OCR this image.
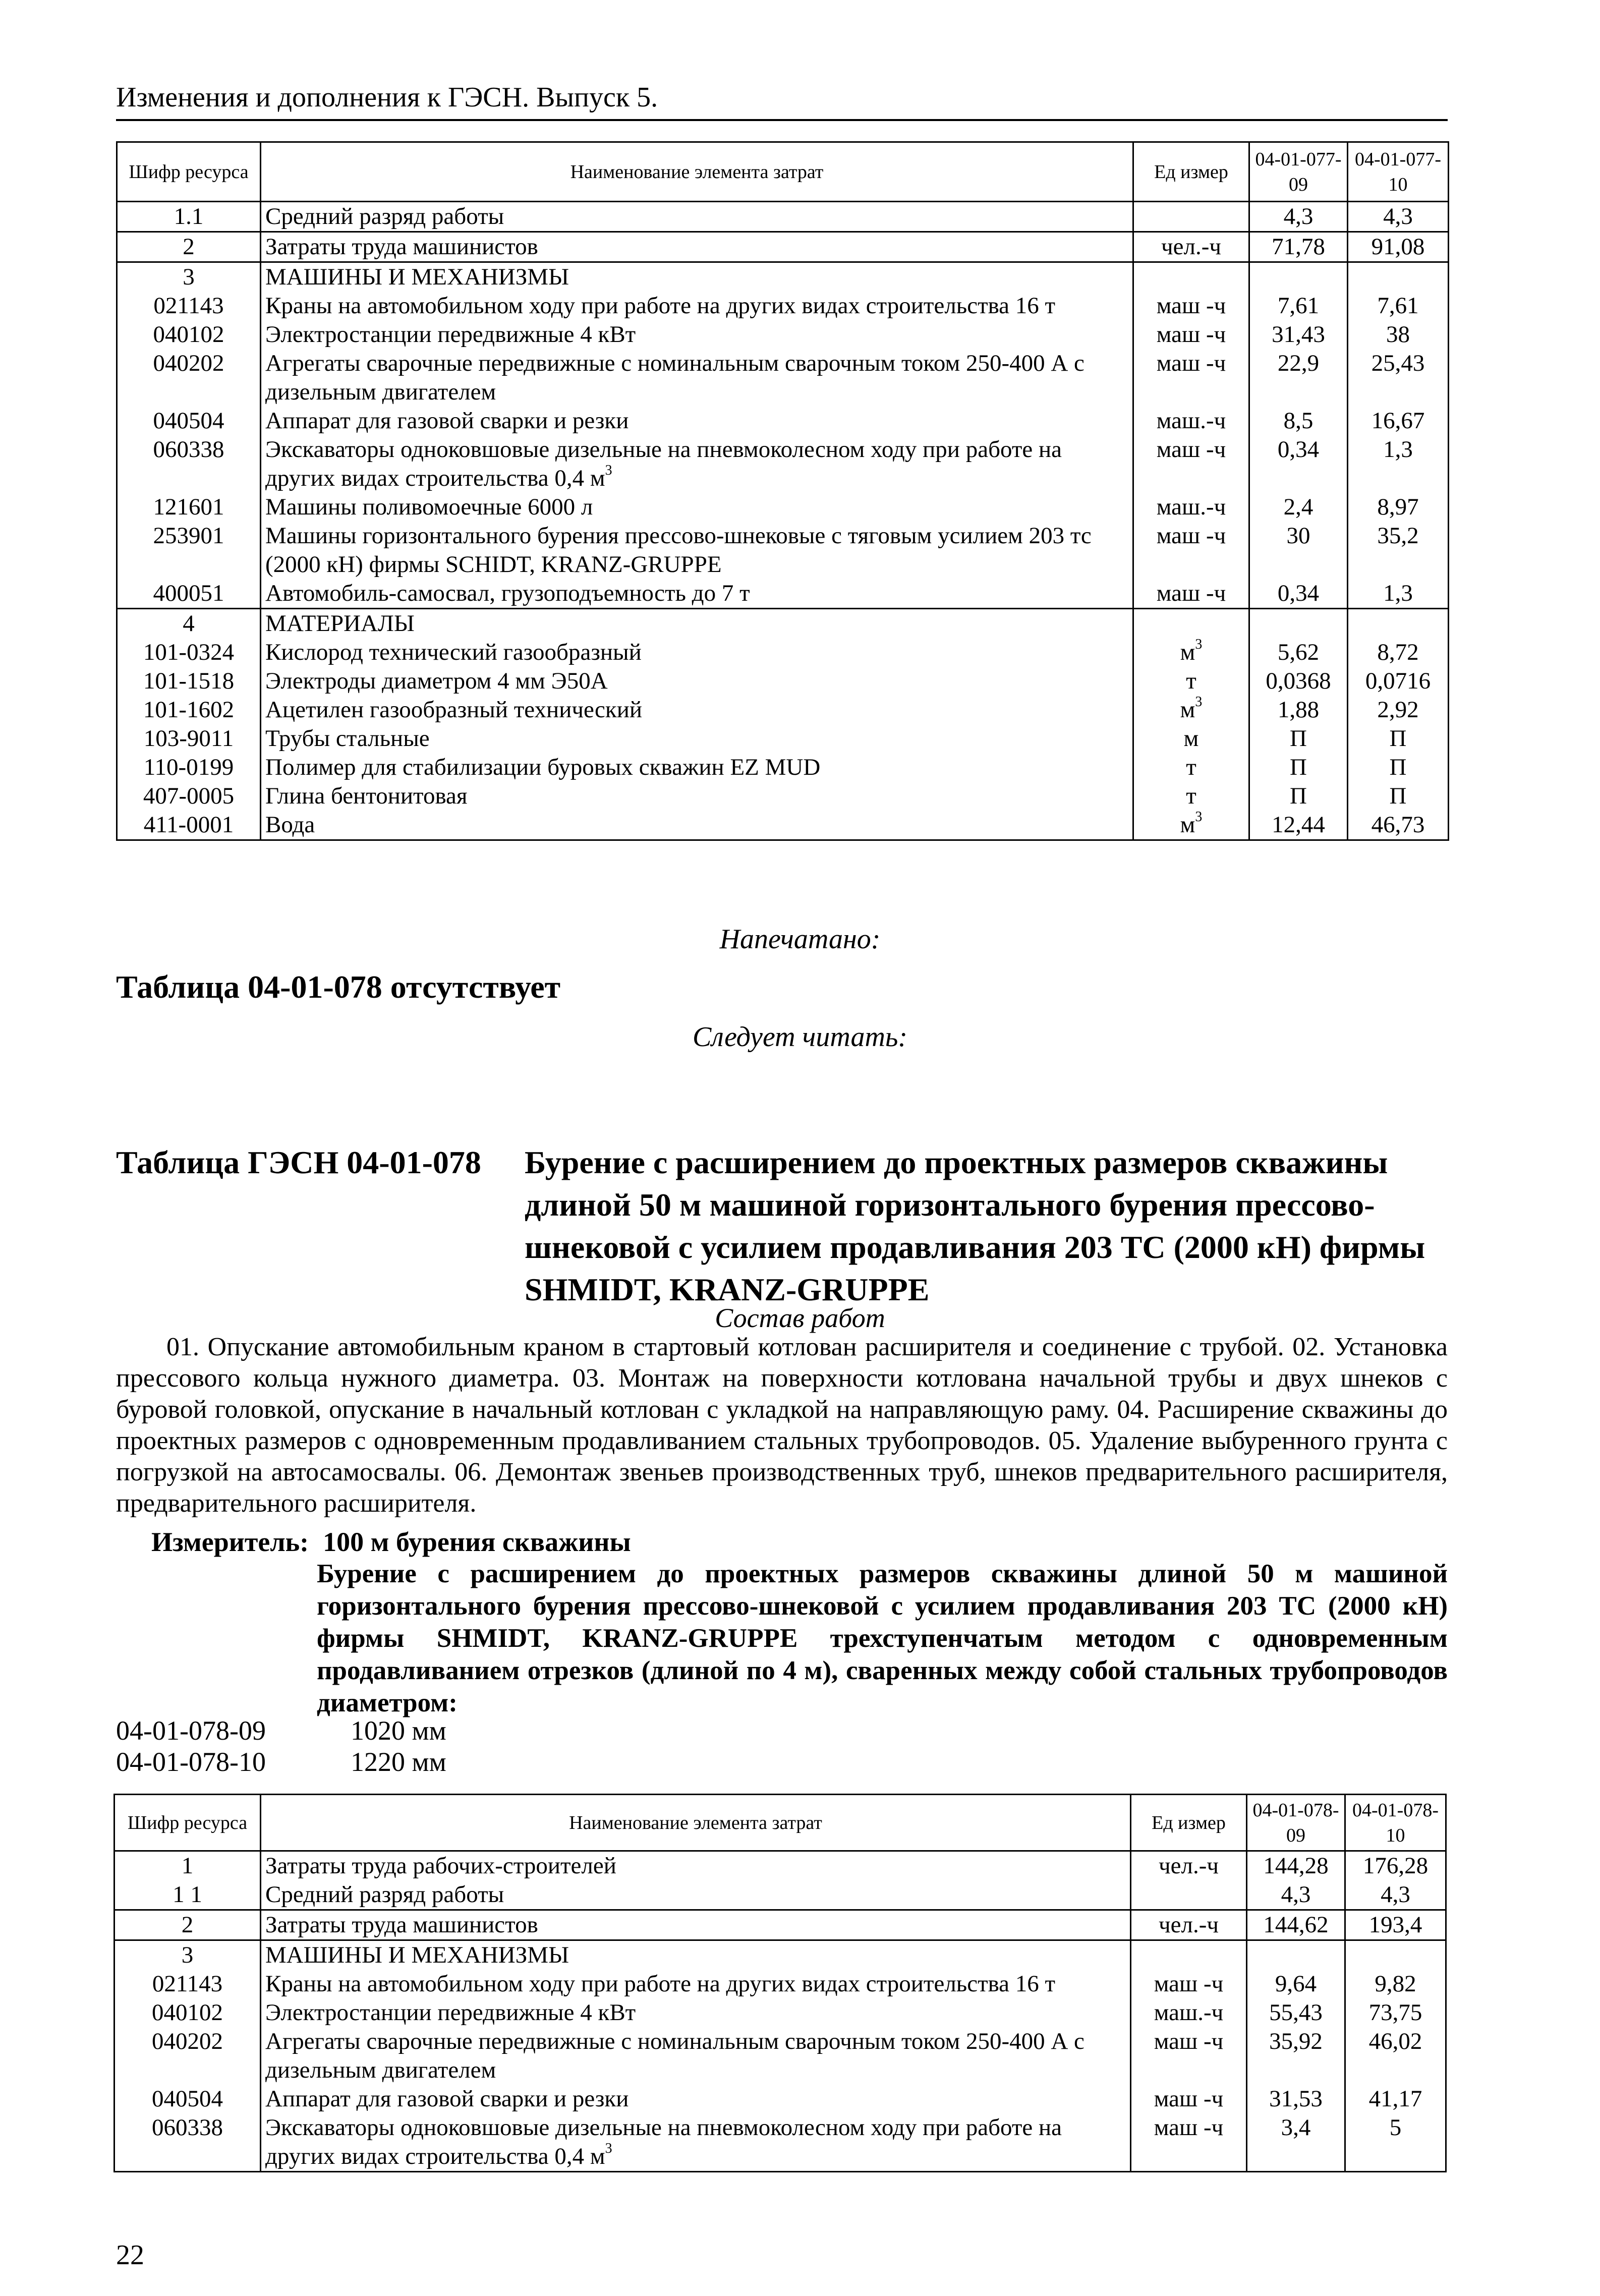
Изменения и дополнения к ГЭСН. Выпуск 5.
Шифр ресурса	Наименование элемента затрат	Ед измер	04-01-077-09	04-01-077-10
1.1	Средний разряд работы		4,3	4,3
2	Затраты труда машинистов	чел.-ч	71,78	91,08
3	МАШИНЫ И МЕХАНИЗМЫ			
021143	Краны на автомобильном ходу при работе на других видах строительства 16 т	маш -ч	7,61	7,61
040102	Электростанции передвижные 4 кВт	маш -ч	31,43	38
040202	Агрегаты сварочные передвижные с номинальным сварочным током 250-400 А с дизельным двигателем	маш -ч	22,9	25,43
040504	Аппарат для газовой сварки и резки	маш.-ч	8,5	16,67
060338	Экскаваторы одноковшовые дизельные на пневмоколесном ходу при работе на других видах строительства 0,4 $м^3$	маш -ч	0,34	1,3
121601	Машины поливомоечные 6000 л	маш.-ч	2,4	8,97
253901	Машины горизонтального бурения прессово-шнековые с тяговым усилием 203 тс (2000 кН) фирмы SCHIDT, KRANZ-GRUPPE	маш -ч	30	35,2
400051	Автомобиль-самосвал, грузоподъемность до 7 т	маш -ч	0,34	1,3
4	МАТЕРИАЛЫ			
101-0324	Кислород технический газообразный	$м^3$	5,62	8,72
101-1518	Электроды диаметром 4 мм Э50А	т	0,0368	0,0716
101-1602	Ацетилен газообразный технический	$м^3$	1,88	2,92
103-9011	Трубы стальные	м	П	П
110-0199	Полимер для стабилизации буровых скважин EZ MUD	т	П	П
407-0005	Глина бентонитовая	т	П	П
411-0001	Вода	$м^3$	12,44	46,73
Напечатано:
Таблица 04-01-078 отсутствует
Следует читать:
Таблица ГЭСН 04-01-078 Бурение с расширением до проектных размеров скважины длиной 50 м машиной горизонтального бурения прессово-шнековой с усилием продавливания 203 ТС (2000 кН) фирмы SHMIDT, KRANZ-GRUPPE
Состав работ
01. Опускание автомобильным краном в стартовый котлован расширителя и соединение с трубой. 02. Установка прессового кольца нужного диаметра. 03. Монтаж на поверхности котлована начальной трубы и двух шнеков с буровой головкой, опускание в начальный котлован с укладкой на направляющую раму. 04. Расширение скважины до проектных размеров с одновременным продавливанием стальных трубопроводов. 05. Удаление выбуренного грунта с погрузкой на автосамосвалы. 06. Демонтаж звеньев производственных труб, шнеков предварительного расширителя, предварительного расширителя.
Измеритель: 100 м бурения скважины
Бурение с расширением до проектных размеров скважины длиной 50 м машиной горизонтального бурения прессово-шнековой с усилием продавливания 203 ТС (2000 кН) фирмы SHMIDT, KRANZ-GRUPPE трехступенчатым методом с одновременным продавливанием отрезков (длиной по 4 м), сваренных между собой стальных трубопроводов диаметром:
04-01-078-09	1020 мм
04-01-078-10	1220 мм
Шифр ресурса	Наименование элемента затрат	Ед измер	04-01-078-09	04-01-078-10
1	Затраты труда рабочих-строителей	чел.-ч	144,28	176,28
1 1	Средний разряд работы		4,3	4,3
2	Затраты труда машинистов	чел.-ч	144,62	193,4
3	МАШИНЫ И МЕХАНИЗМЫ			
021143	Краны на автомобильном ходу при работе на других видах строительства 16 т	маш -ч	9,64	9,82
040102	Электростанции передвижные 4 кВт	маш.-ч	55,43	73,75
040202	Агрегаты сварочные передвижные с номинальным сварочным током 250-400 А с дизельным двигателем	маш -ч	35,92	46,02
040504	Аппарат для газовой сварки и резки	маш -ч	31,53	41,17
060338	Экскаваторы одноковшовые дизельные на пневмоколесном ходу при работе на других видах строительства 0,4 $м^3$	маш -ч	3,4	5
22
